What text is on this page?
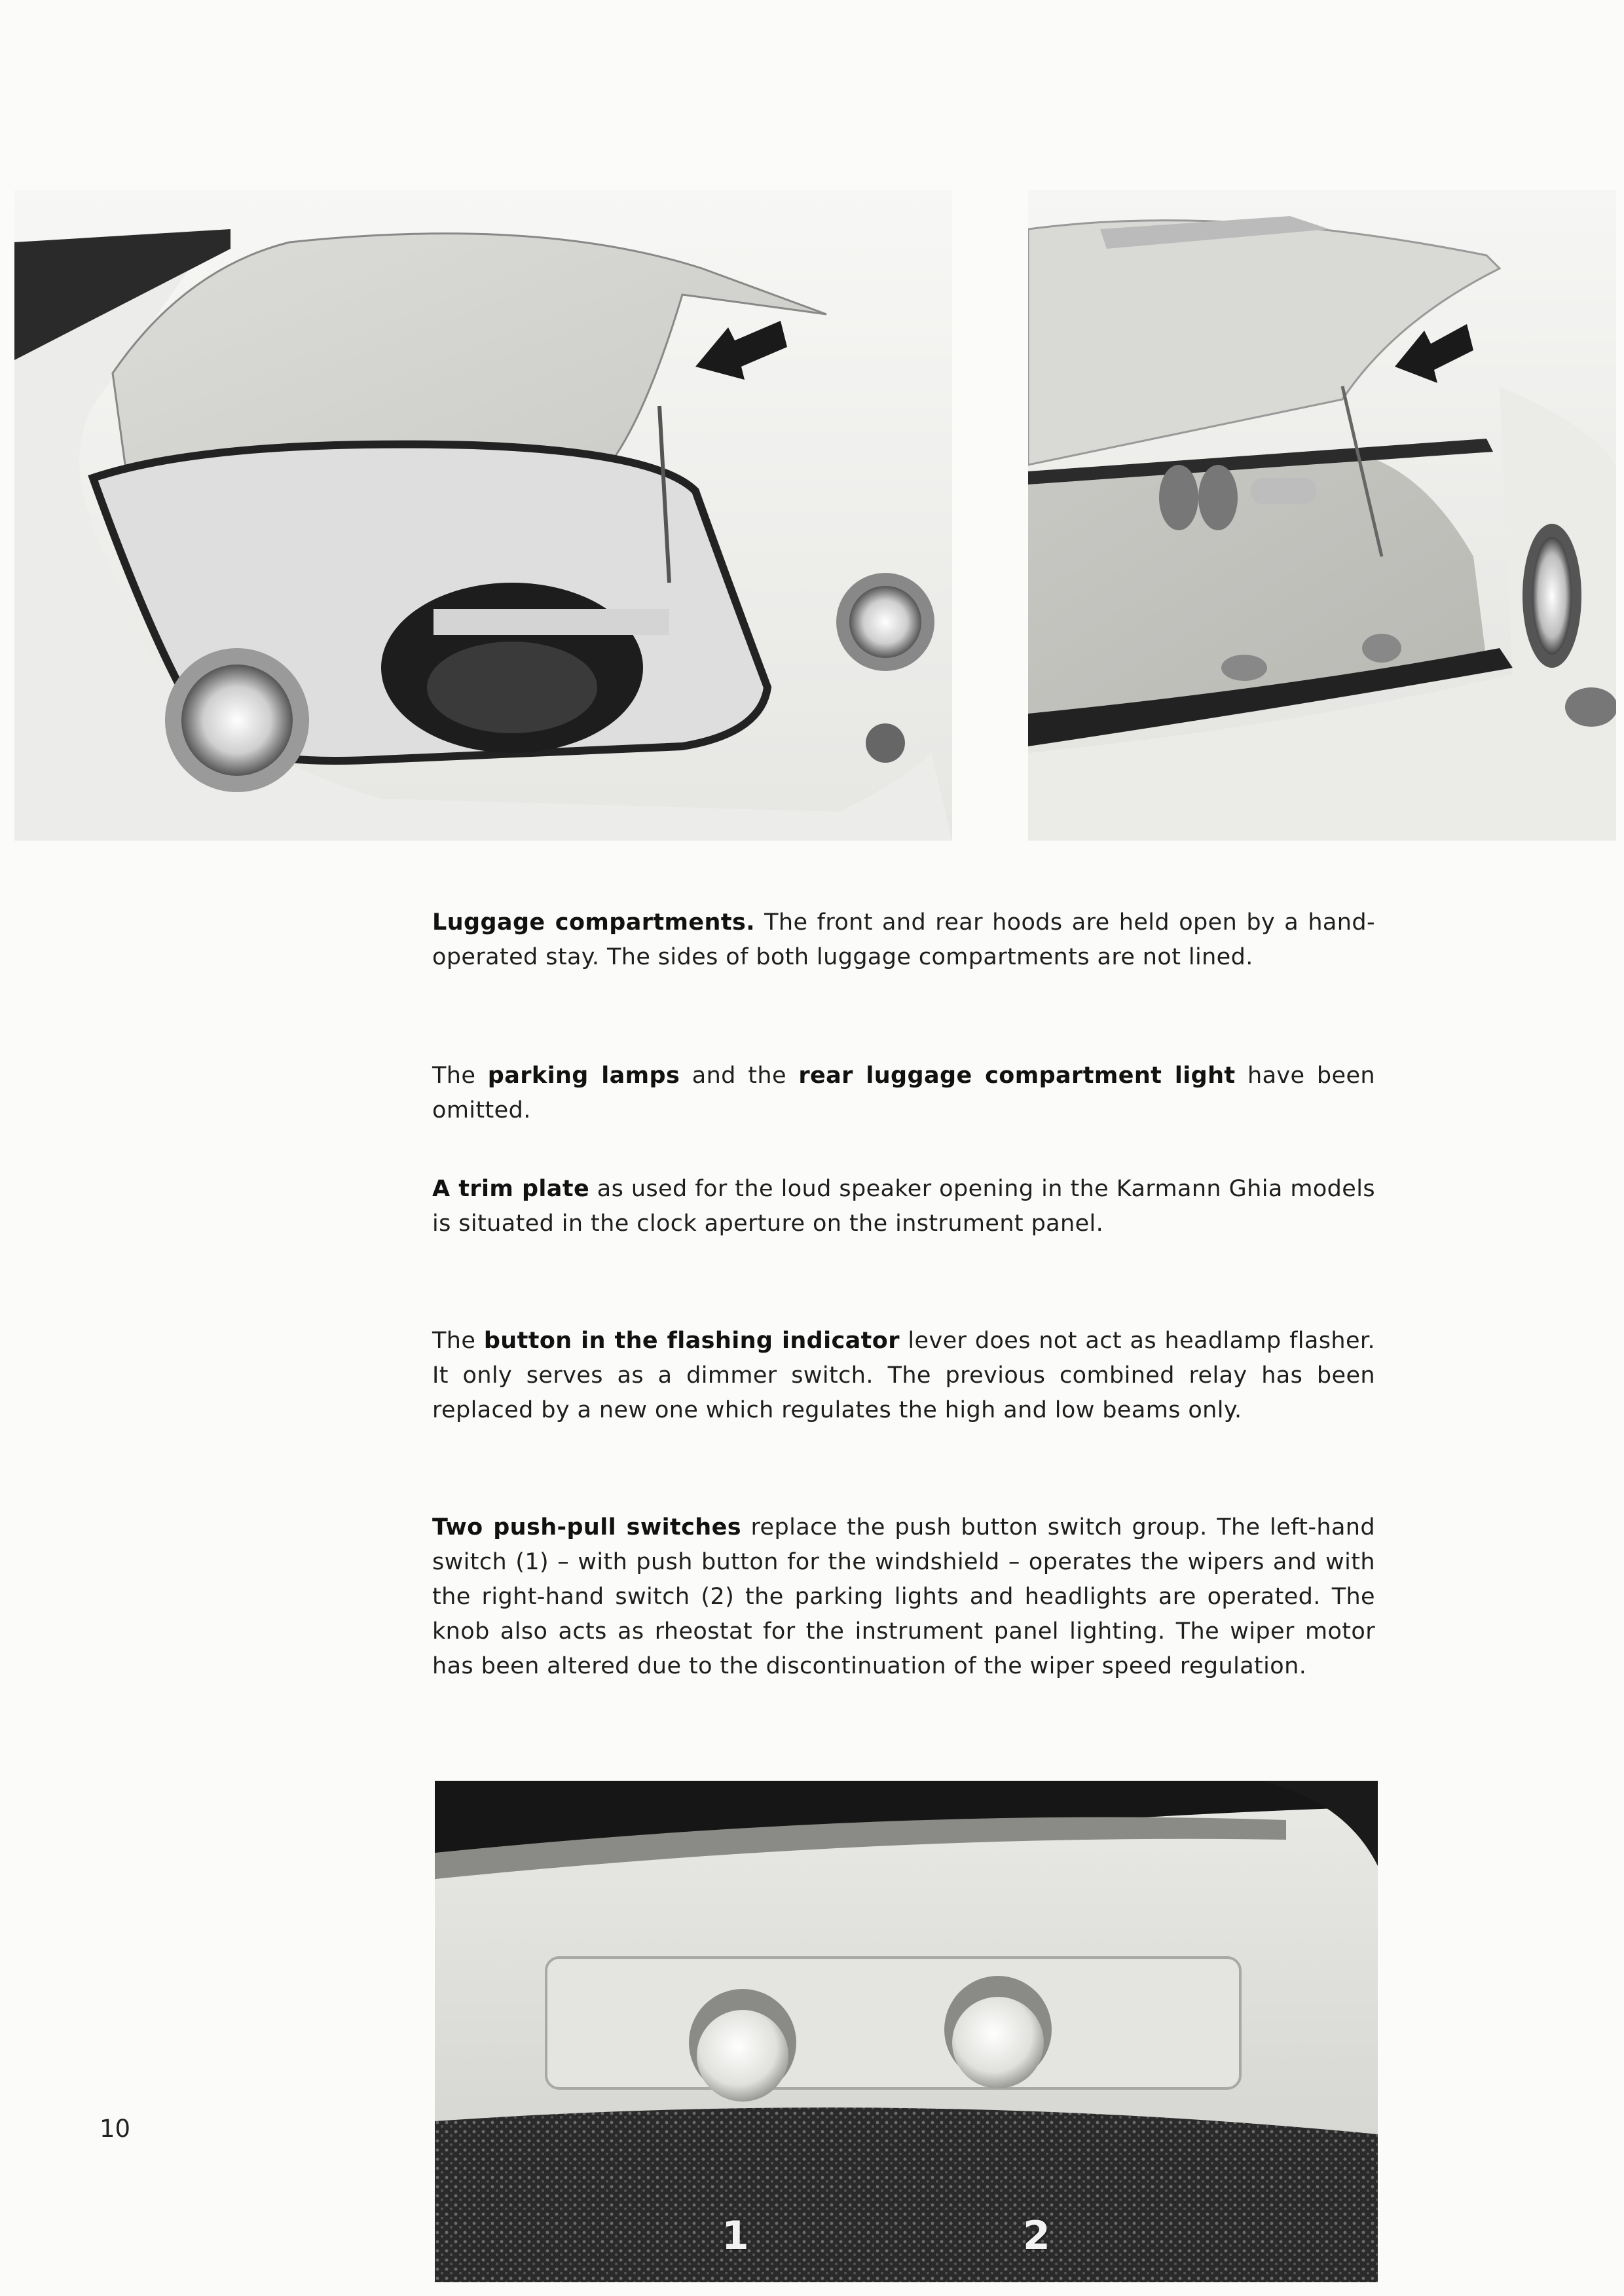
Luggage compartments. The front and rear hoods are held open by a hand-operated stay. The sides of both luggage compartments are not lined.
The parking lamps and the rear luggage compartment light have been omitted.
A trim plate as used for the loud speaker opening in the Karmann Ghia models is situated in the clock aperture on the instrument panel.
The button in the flashing indicator lever does not act as headlamp flasher. It only serves as a dimmer switch. The previous combined relay has been replaced by a new one which regulates the high and low beams only.
Two push-pull switches replace the push button switch group. The left-hand switch (1) – with push button for the windshield – operates the wipers and with the right-hand switch (2) the parking lights and headlights are operated. The knob also acts as rheostat for the instrument panel lighting. The wiper motor has been altered due to the discontinuation of the wiper speed regulation.
1	2
10
